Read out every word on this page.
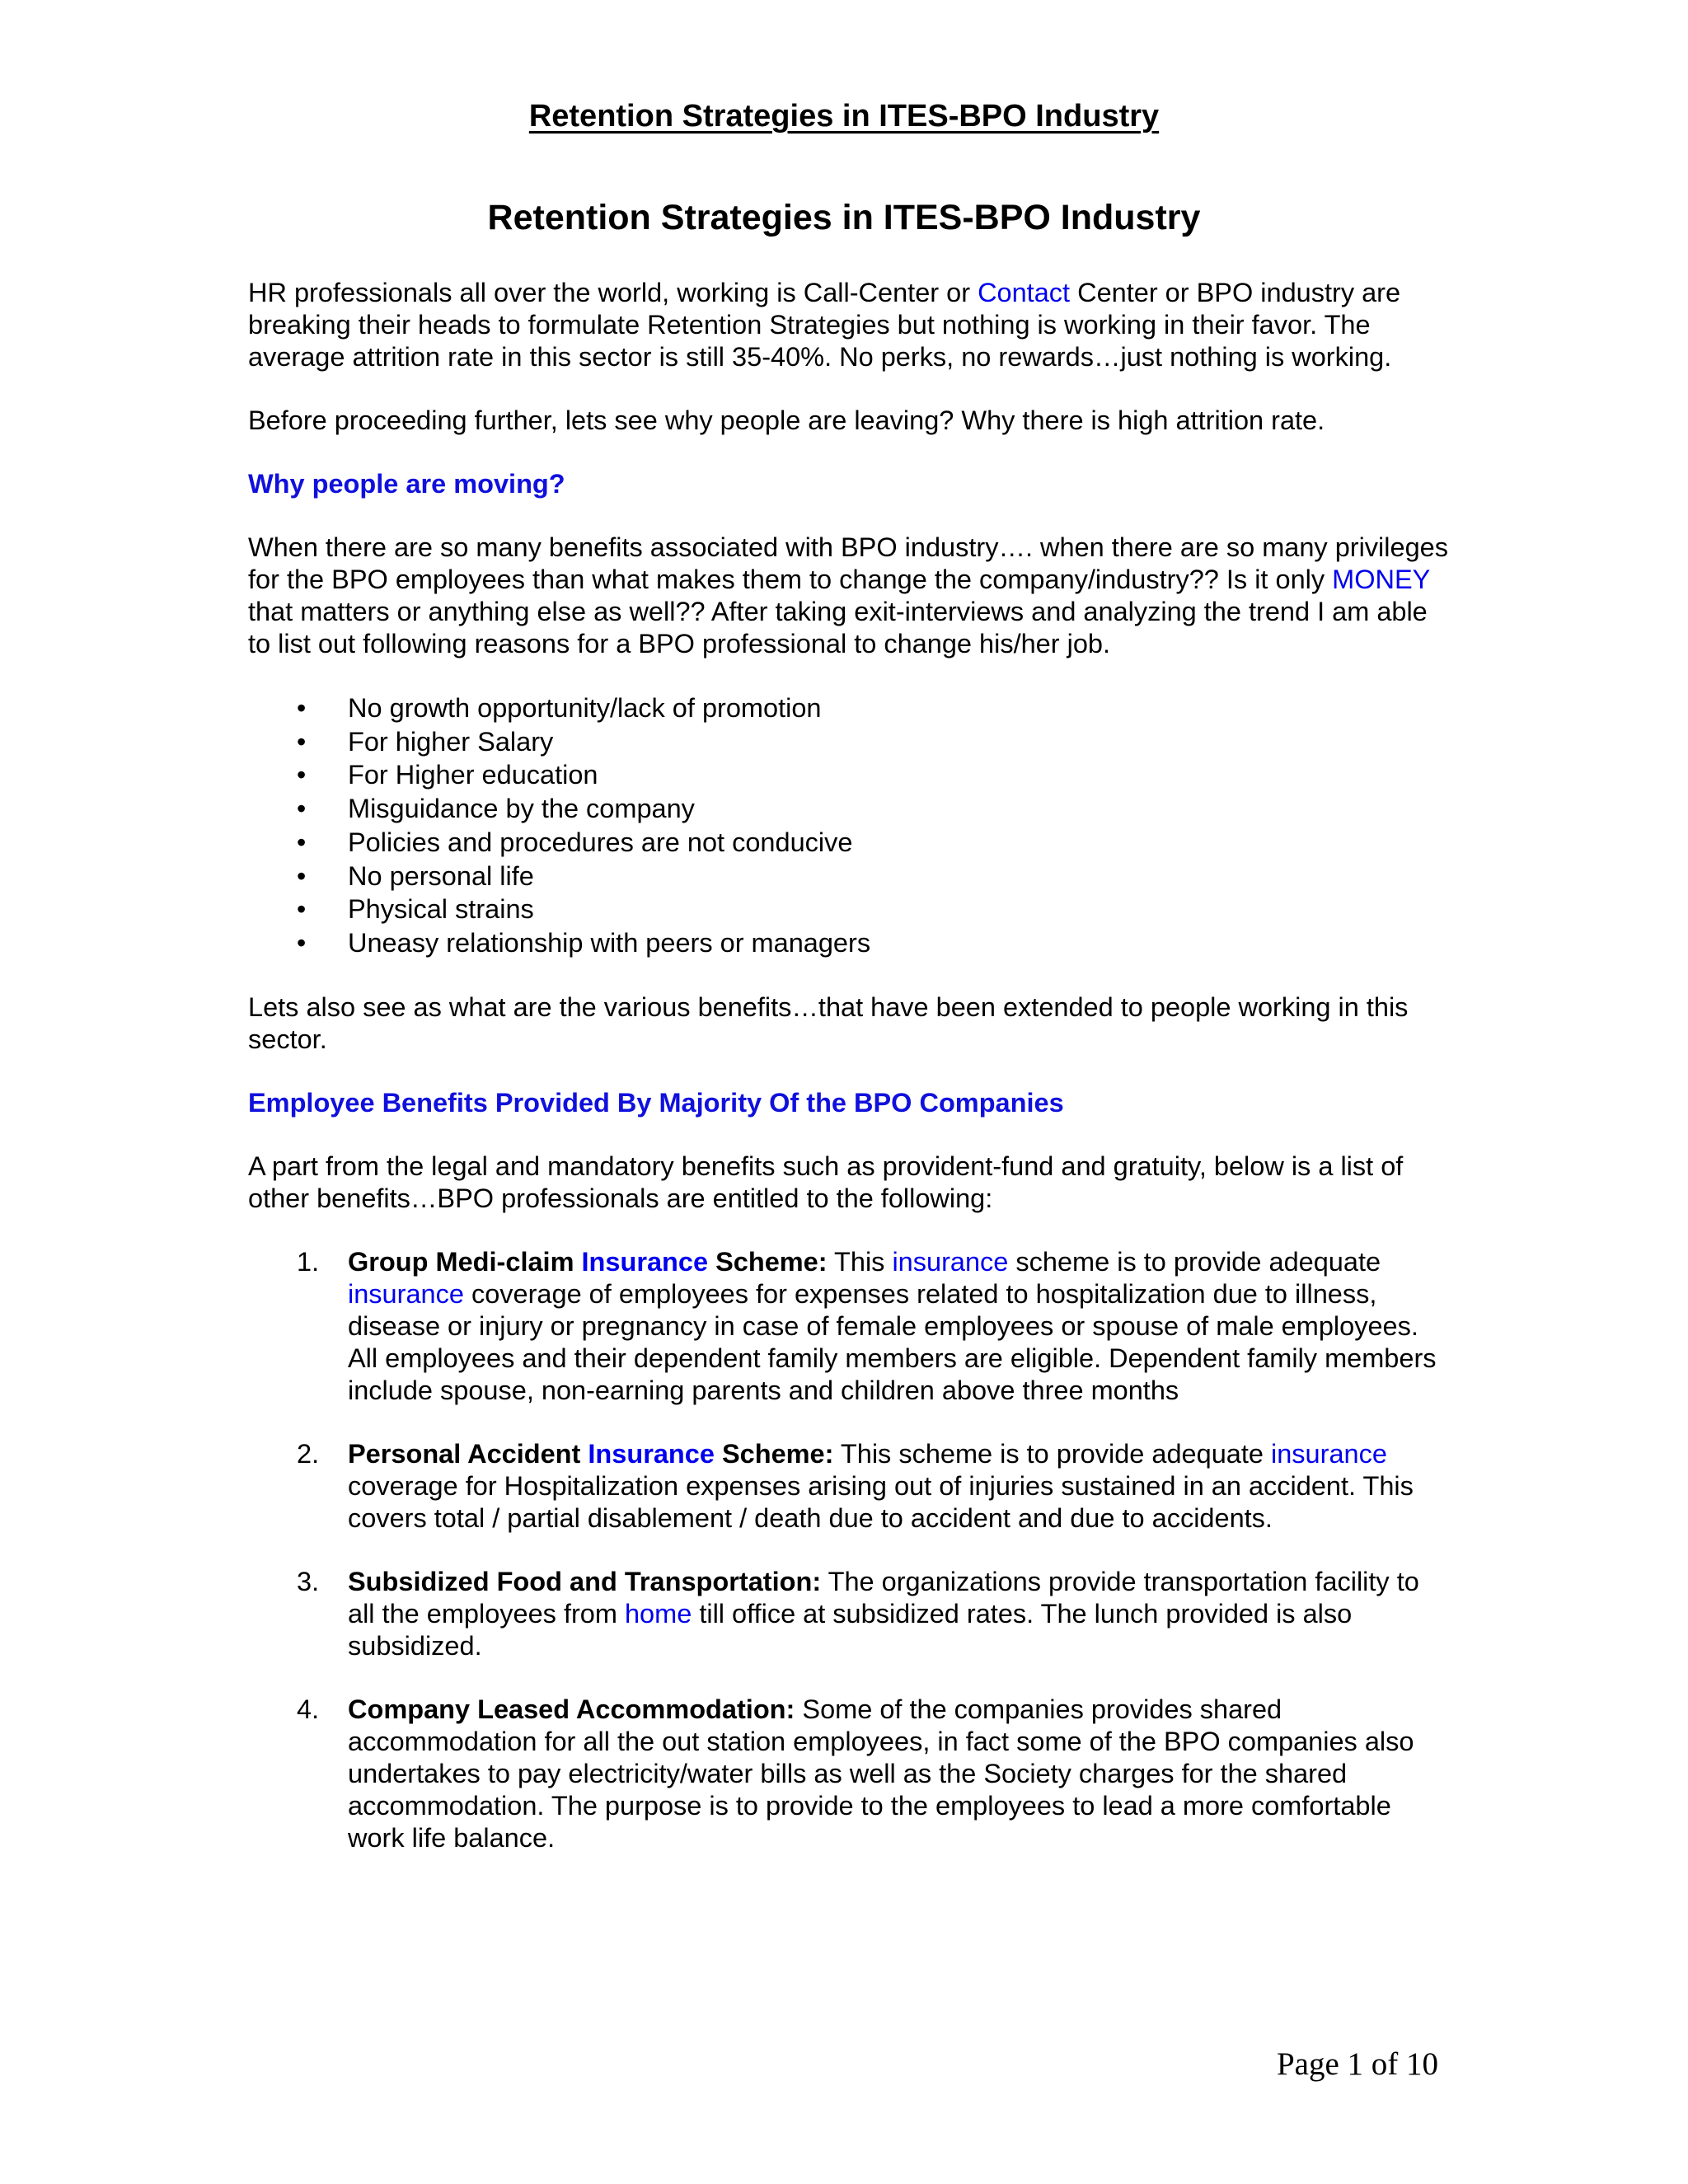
Retention Strategies in ITES-BPO Industry
Retention Strategies in ITES-BPO Industry

HR professionals all over the world, working is Call-Center or Contact Center or BPO industry are breaking their heads to formulate Retention Strategies but nothing is working in their favor. The average attrition rate in this sector is still 35-40%. No perks, no rewards…just nothing is working.

Before proceeding further, lets see why people are leaving? Why there is high attrition rate.

Why people are moving?

When there are so many benefits associated with BPO industry…. when there are so many privileges for the BPO employees than what makes them to change the company/industry?? Is it only MONEY that matters or anything else as well?? After taking exit-interviews and analyzing the trend I am able to list out following reasons for a BPO professional to change his/her job.

• No growth opportunity/lack of promotion
• For higher Salary
• For Higher education
• Misguidance by the company
• Policies and procedures are not conducive
• No personal life
• Physical strains
• Uneasy relationship with peers or managers

Lets also see as what are the various benefits…that have been extended to people working in this sector.

Employee Benefits Provided By Majority Of the BPO Companies

A part from the legal and mandatory benefits such as provident-fund and gratuity, below is a list of other benefits…BPO professionals are entitled to the following:

1. Group Medi-claim Insurance Scheme: This insurance scheme is to provide adequate insurance coverage of employees for expenses related to hospitalization due to illness, disease or injury or pregnancy in case of female employees or spouse of male employees. All employees and their dependent family members are eligible. Dependent family members include spouse, non-earning parents and children above three months
2. Personal Accident Insurance Scheme: This scheme is to provide adequate insurance coverage for Hospitalization expenses arising out of injuries sustained in an accident. This covers total / partial disablement / death due to accident and due to accidents.
3. Subsidized Food and Transportation: The organizations provide transportation facility to all the employees from home till office at subsidized rates. The lunch provided is also subsidized.
4. Company Leased Accommodation: Some of the companies provides shared accommodation for all the out station employees, in fact some of the BPO companies also undertakes to pay electricity/water bills as well as the Society charges for the shared accommodation. The purpose is to provide to the employees to lead a more comfortable work life balance.
Page 1 of 10
